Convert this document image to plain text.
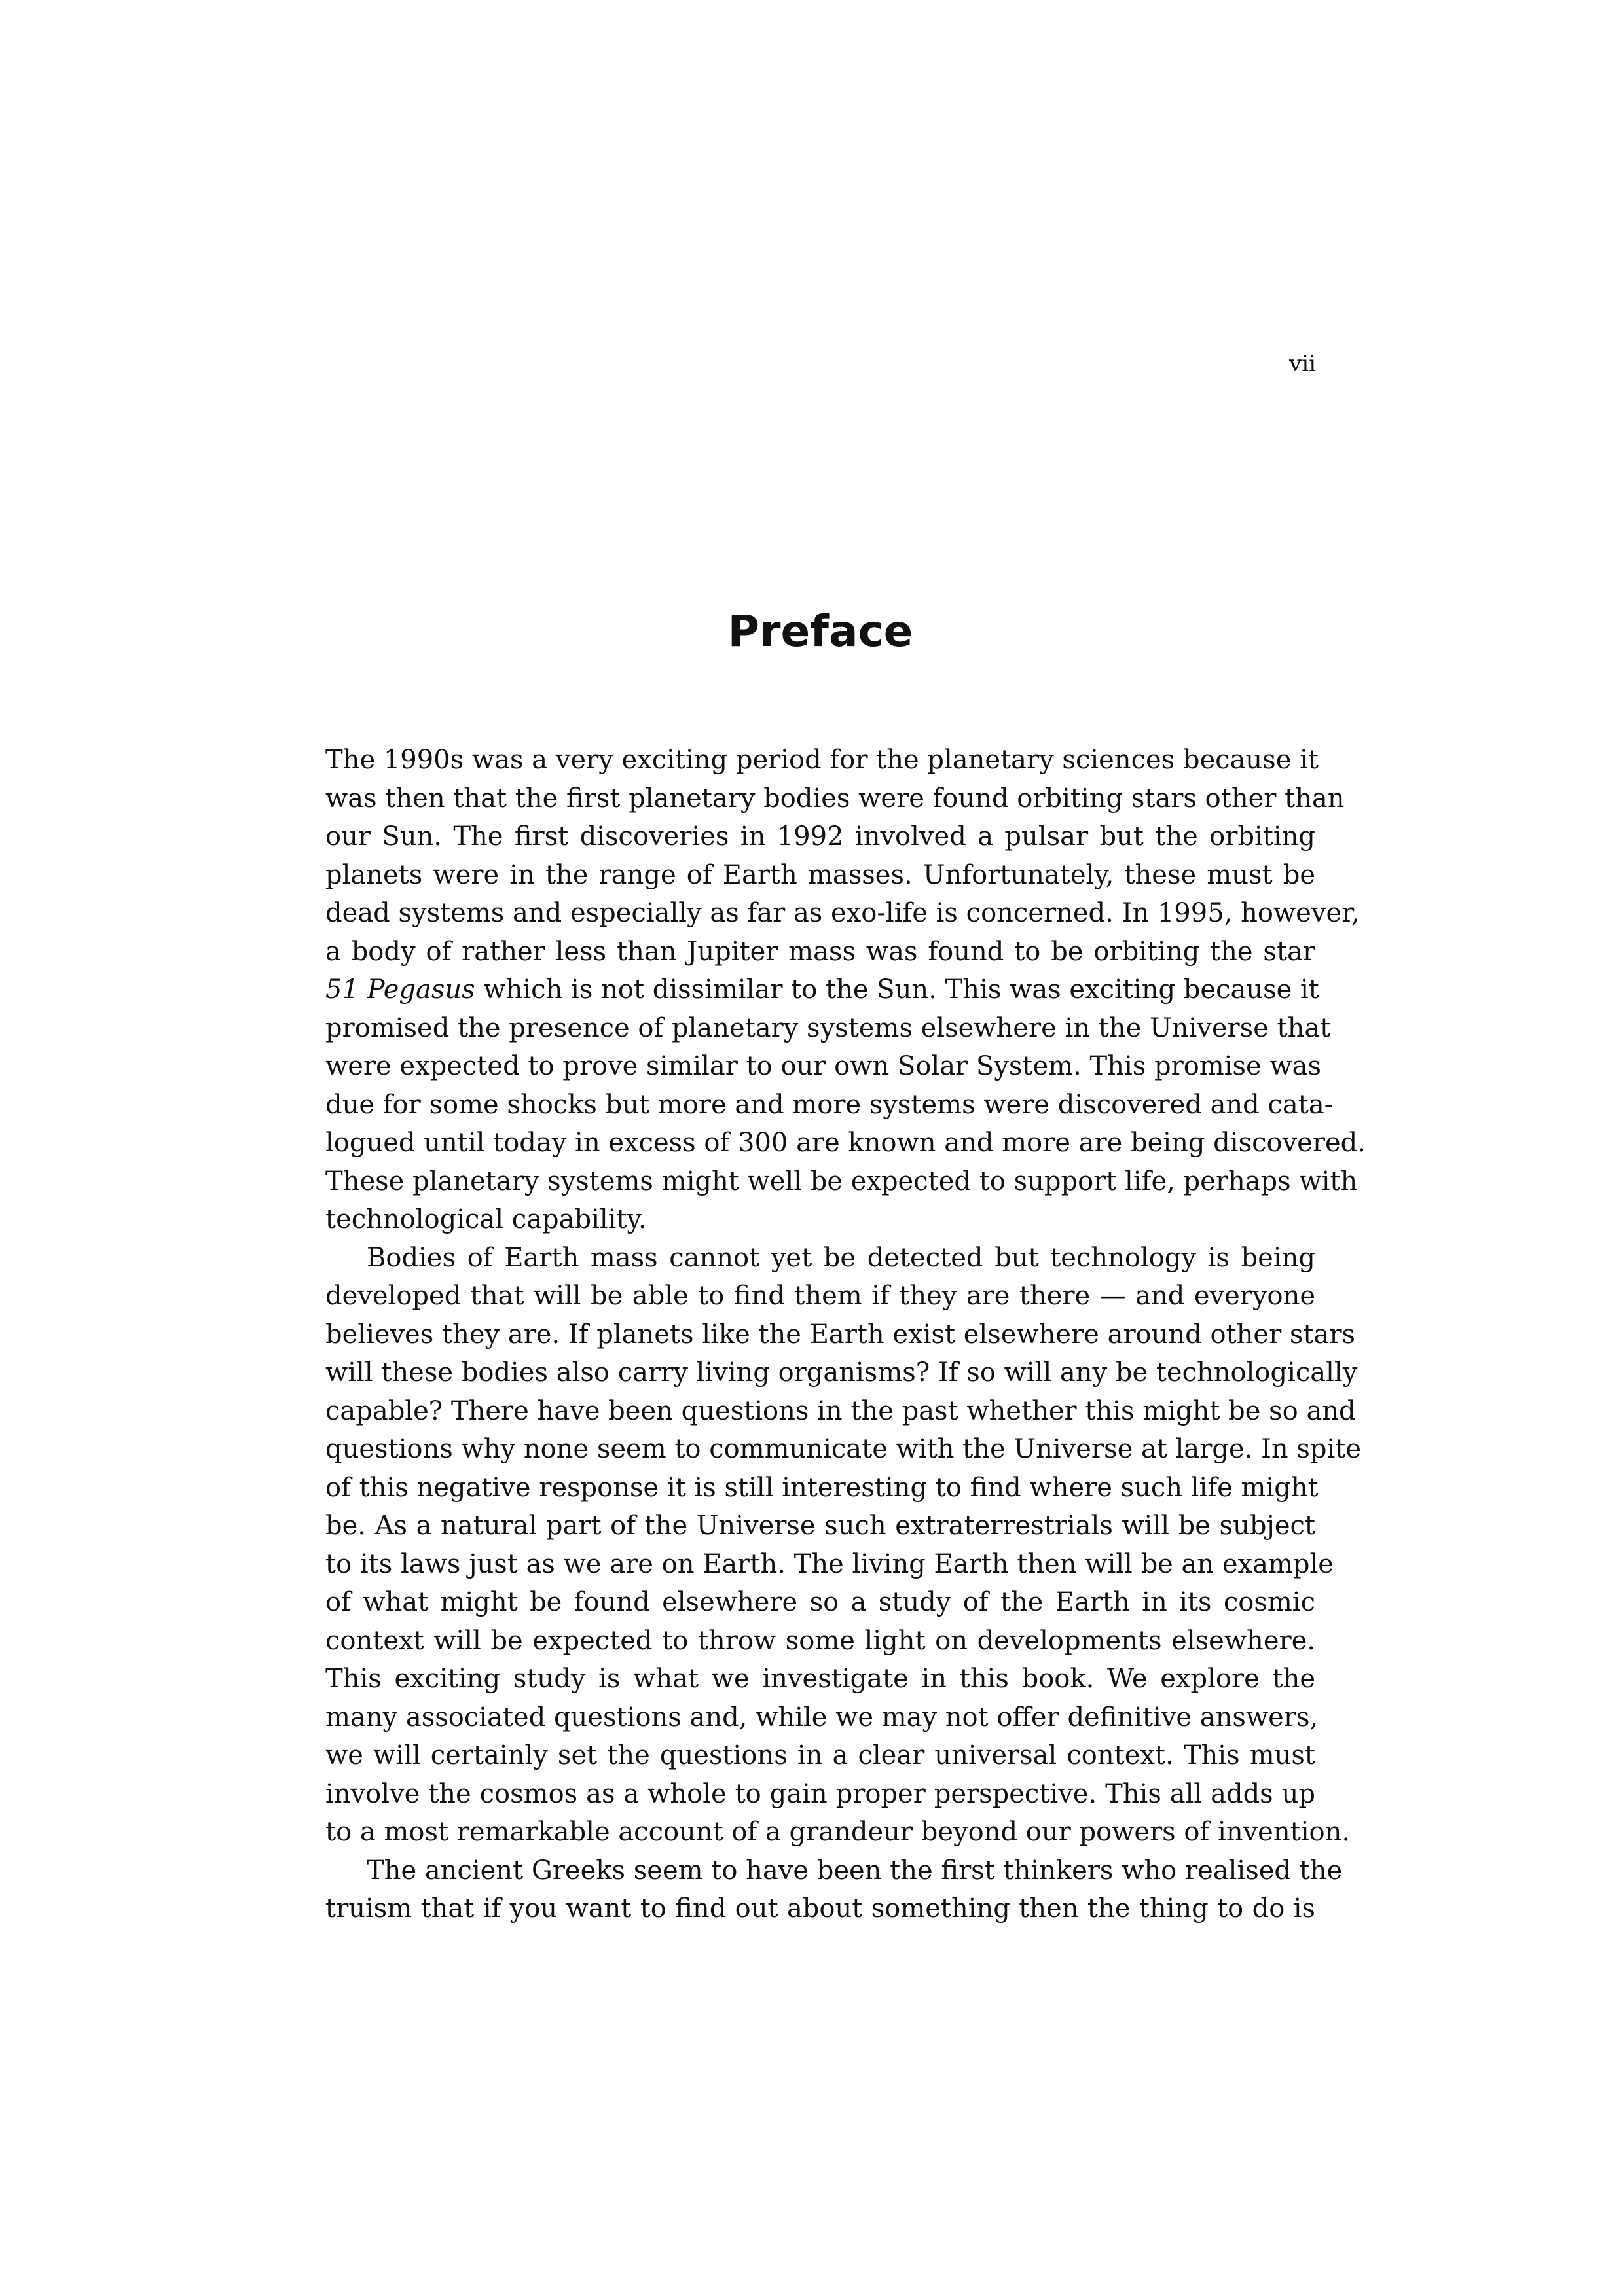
vii
Preface
The 1990s was a very exciting period for the planetary sciences because it
was then that the first planetary bodies were found orbiting stars other than
our Sun. The first discoveries in 1992 involved a pulsar but the orbiting
planets were in the range of Earth masses. Unfortunately, these must be
dead systems and especially as far as exo-life is concerned. In 1995, however,
a body of rather less than Jupiter mass was found to be orbiting the star
51 Pegasus which is not dissimilar to the Sun. This was exciting because it
promised the presence of planetary systems elsewhere in the Universe that
were expected to prove similar to our own Solar System. This promise was
due for some shocks but more and more systems were discovered and cata-
logued until today in excess of 300 are known and more are being discovered.
These planetary systems might well be expected to support life, perhaps with
technological capability.
Bodies of Earth mass cannot yet be detected but technology is being
developed that will be able to find them if they are there — and everyone
believes they are. If planets like the Earth exist elsewhere around other stars
will these bodies also carry living organisms? If so will any be technologically
capable? There have been questions in the past whether this might be so and
questions why none seem to communicate with the Universe at large. In spite
of this negative response it is still interesting to find where such life might
be. As a natural part of the Universe such extraterrestrials will be subject
to its laws just as we are on Earth. The living Earth then will be an example
of what might be found elsewhere so a study of the Earth in its cosmic
context will be expected to throw some light on developments elsewhere.
This exciting study is what we investigate in this book. We explore the
many associated questions and, while we may not offer definitive answers,
we will certainly set the questions in a clear universal context. This must
involve the cosmos as a whole to gain proper perspective. This all adds up
to a most remarkable account of a grandeur beyond our powers of invention.
The ancient Greeks seem to have been the first thinkers who realised the
truism that if you want to find out about something then the thing to do is
